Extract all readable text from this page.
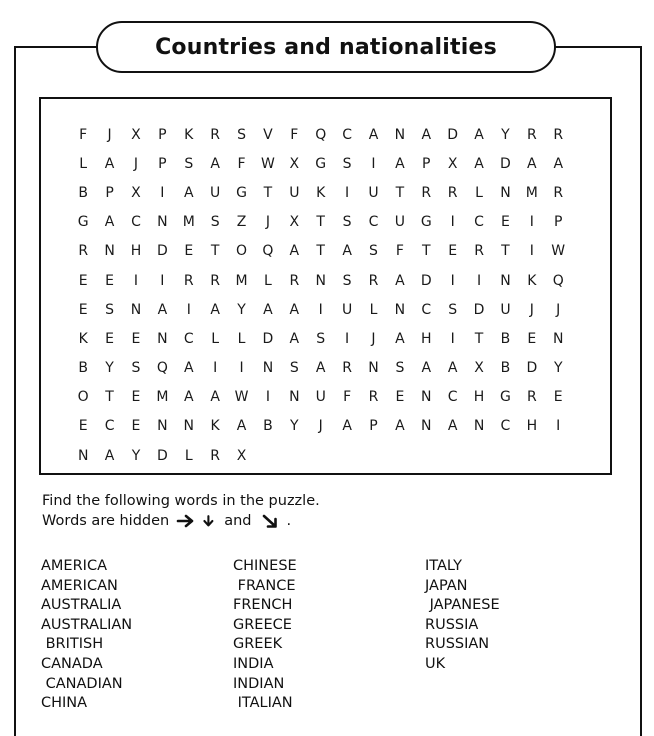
Countries and nationalities
F	J	X	P	K	R	S	V	F	Q	C	A	N	A	D	A	Y	R	R
L	A	J	P	S	A	F	W	X	G	S	I	A	P	X	A	D	A	A
B	P	X	I	A	U	G	T	U	K	I	U	T	R	R	L	N	M	R
G	A	C	N	M	S	Z	J	X	T	S	C	U	G	I	C	E	I	P
R	N	H	D	E	T	O	Q	A	T	A	S	F	T	E	R	T	I	W
E	E	I	I	R	R	M	L	R	N	S	R	A	D	I	I	N	K	Q
E	S	N	A	I	A	Y	A	A	I	U	L	N	C	S	D	U	J	J
K	E	E	N	C	L	L	D	A	S	I	J	A	H	I	T	B	E	N
B	Y	S	Q	A	I	I	N	S	A	R	N	S	A	A	X	B	D	Y
O	T	E	M	A	A	W	I	N	U	F	R	E	N	C	H	G	R	E
E	C	E	N	N	K	A	B	Y	J	A	P	A	N	A	N	C	H	I
N	A	Y	D	L	R	X
Find the following words in the puzzle.
Words are hidden	and .
AMERICA
AMERICAN
AUSTRALIA
AUSTRALIAN
BRITISH
CANADA
CANADIAN
CHINA
CHINESE
FRANCE
FRENCH
GREECE
GREEK
INDIA
INDIAN
ITALIAN
ITALY
JAPAN
JAPANESE
RUSSIA
RUSSIAN
UK
